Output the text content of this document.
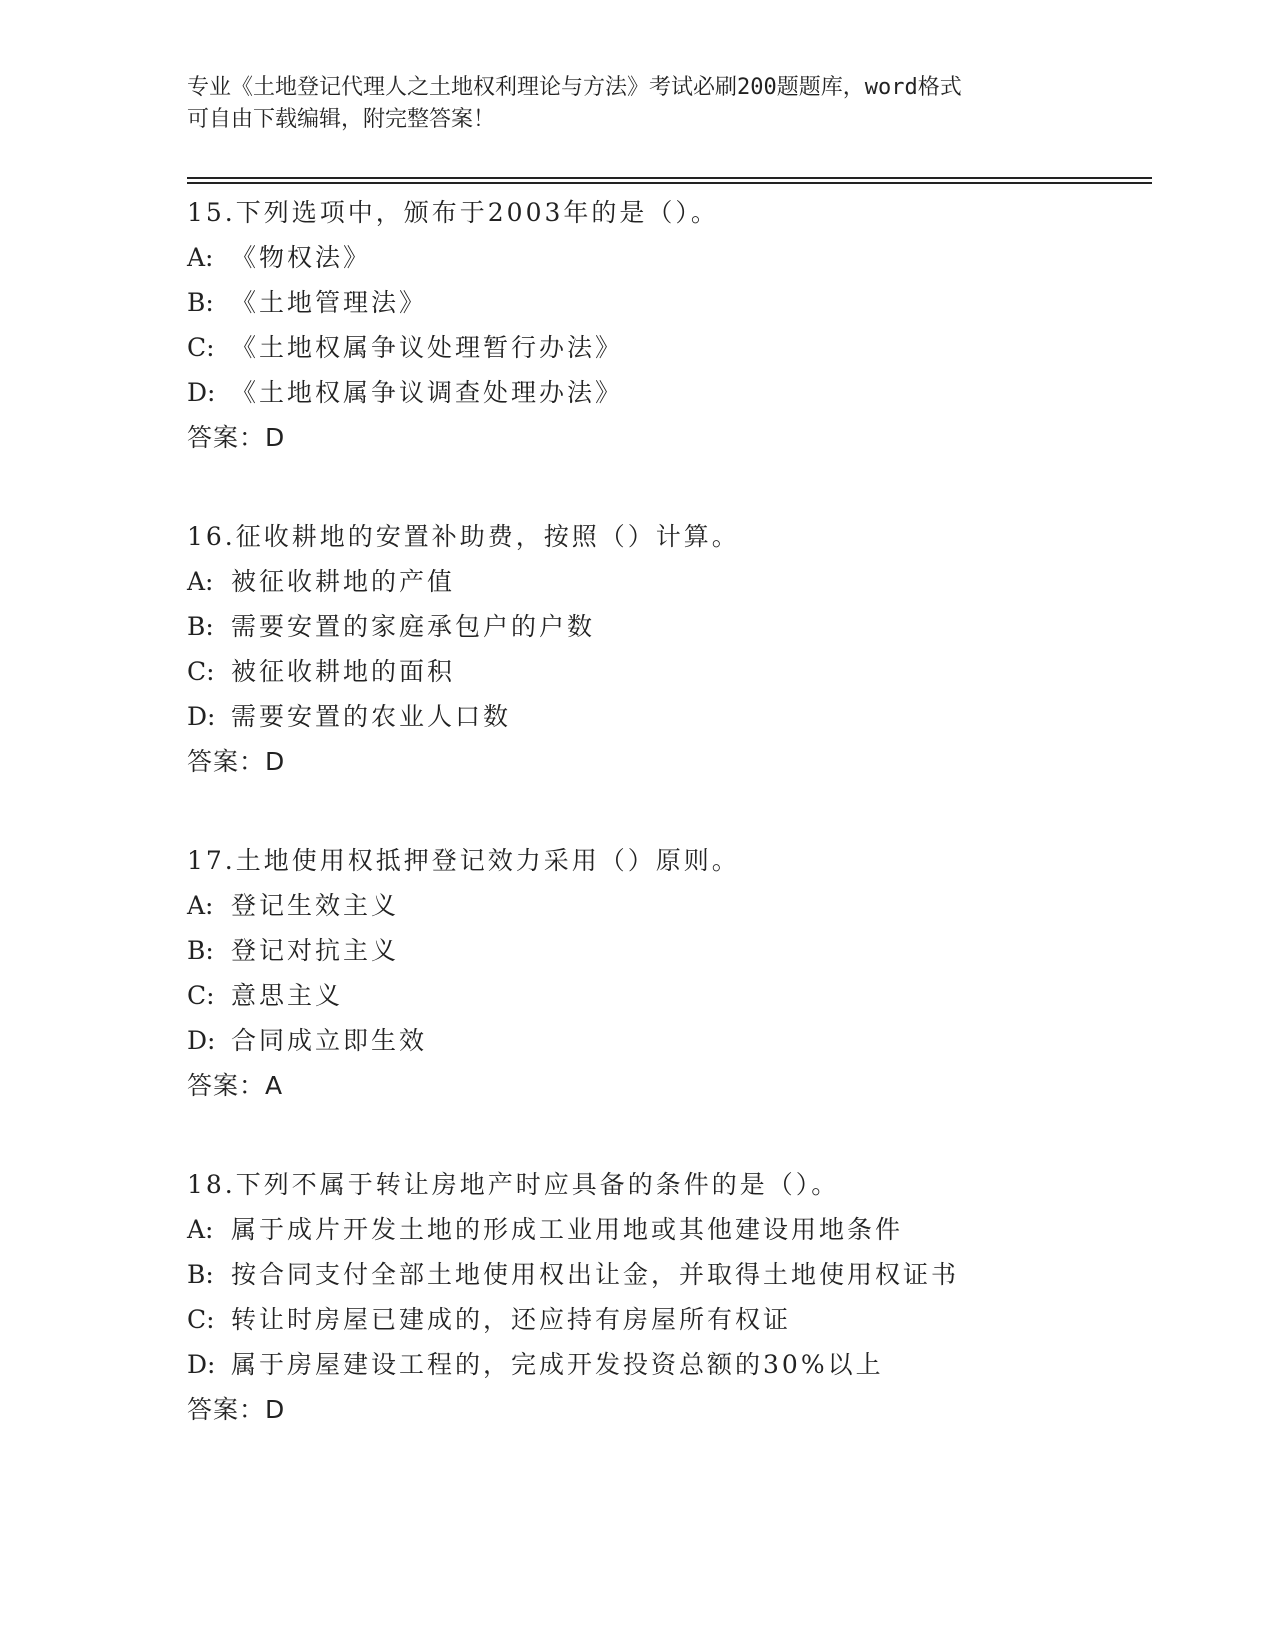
专业《土地登记代理人之土地权利理论与方法》考试必刷200题题库，word格式
可自由下载编辑，附完整答案！
15.下列选项中，颁布于2003年的是（）。
A: 《物权法》
B: 《土地管理法》
C: 《土地权属争议处理暂行办法》
D: 《土地权属争议调查处理办法》
答案：D
16.征收耕地的安置补助费，按照（）计算。
A: 被征收耕地的产值
B: 需要安置的家庭承包户的户数
C: 被征收耕地的面积
D: 需要安置的农业人口数
答案：D
17.土地使用权抵押登记效力采用（）原则。
A: 登记生效主义
B: 登记对抗主义
C: 意思主义
D: 合同成立即生效
答案：A
18.下列不属于转让房地产时应具备的条件的是（）。
A: 属于成片开发土地的形成工业用地或其他建设用地条件
B: 按合同支付全部土地使用权出让金，并取得土地使用权证书
C: 转让时房屋已建成的，还应持有房屋所有权证
D: 属于房屋建设工程的，完成开发投资总额的30%以上
答案：D
